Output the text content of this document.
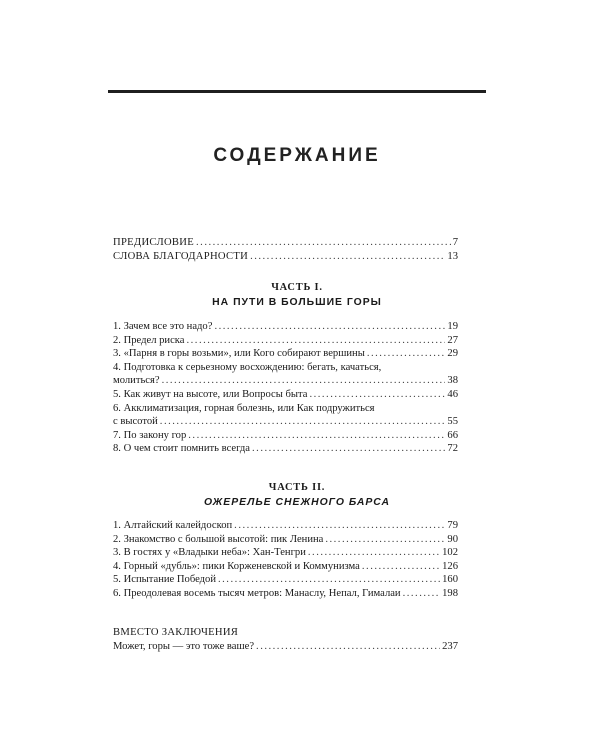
СОДЕРЖАНИЕ
ПРЕДИСЛОВИЕ .....	7
СЛОВА БЛАГОДАРНОСТИ .....	13
ЧАСТЬ I.
НА ПУТИ В БОЛЬШИЕ ГОРЫ
1. Зачем все это надо? .....	19
2. Предел риска .....	27
3. «Парня в горы возьми», или Кого собирают вершины .....	29
4. Подготовка к серьезному восхождению: бегать, качаться,
молиться? .....	38
5. Как живут на высоте, или Вопросы быта .....	46
6. Акклиматизация, горная болезнь, или Как подружиться
с высотой .....	55
7. По закону гор .....	66
8. О чем стоит помнить всегда .....	72
ЧАСТЬ II.
ОЖЕРЕЛЬЕ СНЕЖНОГО БАРСА
1. Алтайский калейдоскоп .....	79
2. Знакомство с большой высотой: пик Ленина .....	90
3. В гостях у «Владыки неба»: Хан-Тенгри .....	102
4. Горный «дубль»: пики Корженевской и Коммунизма .....	126
5. Испытание Победой .....	160
6. Преодолевая восемь тысяч метров: Манаслу, Непал, Гималаи .....	198
ВМЕСТО ЗАКЛЮЧЕНИЯ
Может, горы — это тоже ваше? .....	237
